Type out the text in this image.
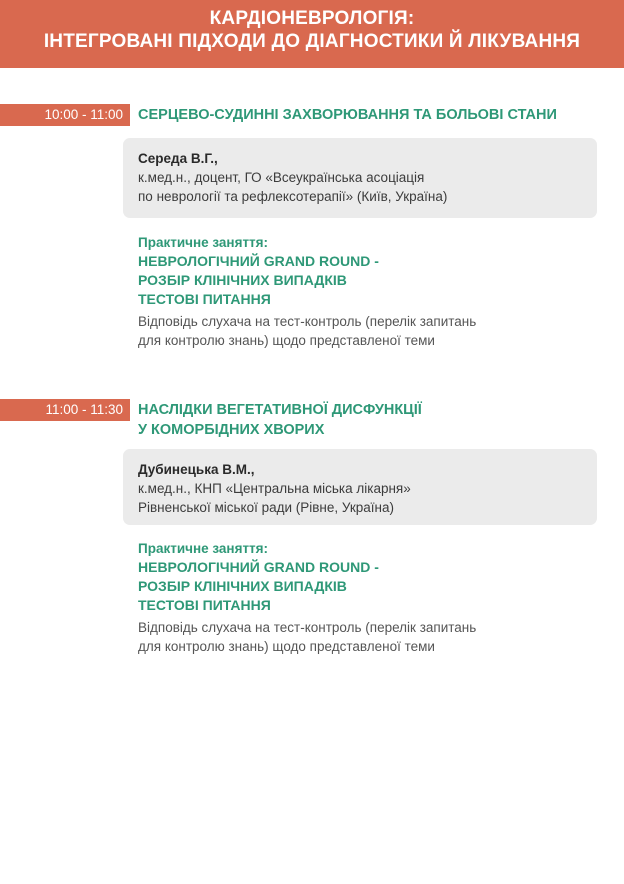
КАРДІОНЕВРОЛОГІЯ:
ІНТЕГРОВАНІ ПІДХОДИ ДО ДІАГНОСТИКИ Й ЛІКУВАННЯ
10:00 - 11:00	СЕРЦЕВО-СУДИННІ ЗАХВОРЮВАННЯ ТА БОЛЬОВІ СТАНИ
Середа В.Г.,
к.мед.н., доцент, ГО «Всеукраїнська асоціація
по неврології та рефлексотерапії» (Київ, Україна)
Практичне заняття:
НЕВРОЛОГІЧНИЙ GRAND ROUND -
РОЗБІР КЛІНІЧНИХ ВИПАДКІВ
ТЕСТОВІ ПИТАННЯ
Відповідь слухача на тест-контроль (перелік запитань
для контролю знань) щодо представленої теми
11:00 - 11:30	НАСЛІДКИ ВЕГЕТАТИВНОЇ ДИСФУНКЦІЇ
У КОМОРБІДНИХ ХВОРИХ
Дубинецька В.М.,
к.мед.н., КНП «Центральна міська лікарня»
Рівненської міської ради (Рівне, Україна)
Практичне заняття:
НЕВРОЛОГІЧНИЙ GRAND ROUND -
РОЗБІР КЛІНІЧНИХ ВИПАДКІВ
ТЕСТОВІ ПИТАННЯ
Відповідь слухача на тест-контроль (перелік запитань
для контролю знань) щодо представленої теми
